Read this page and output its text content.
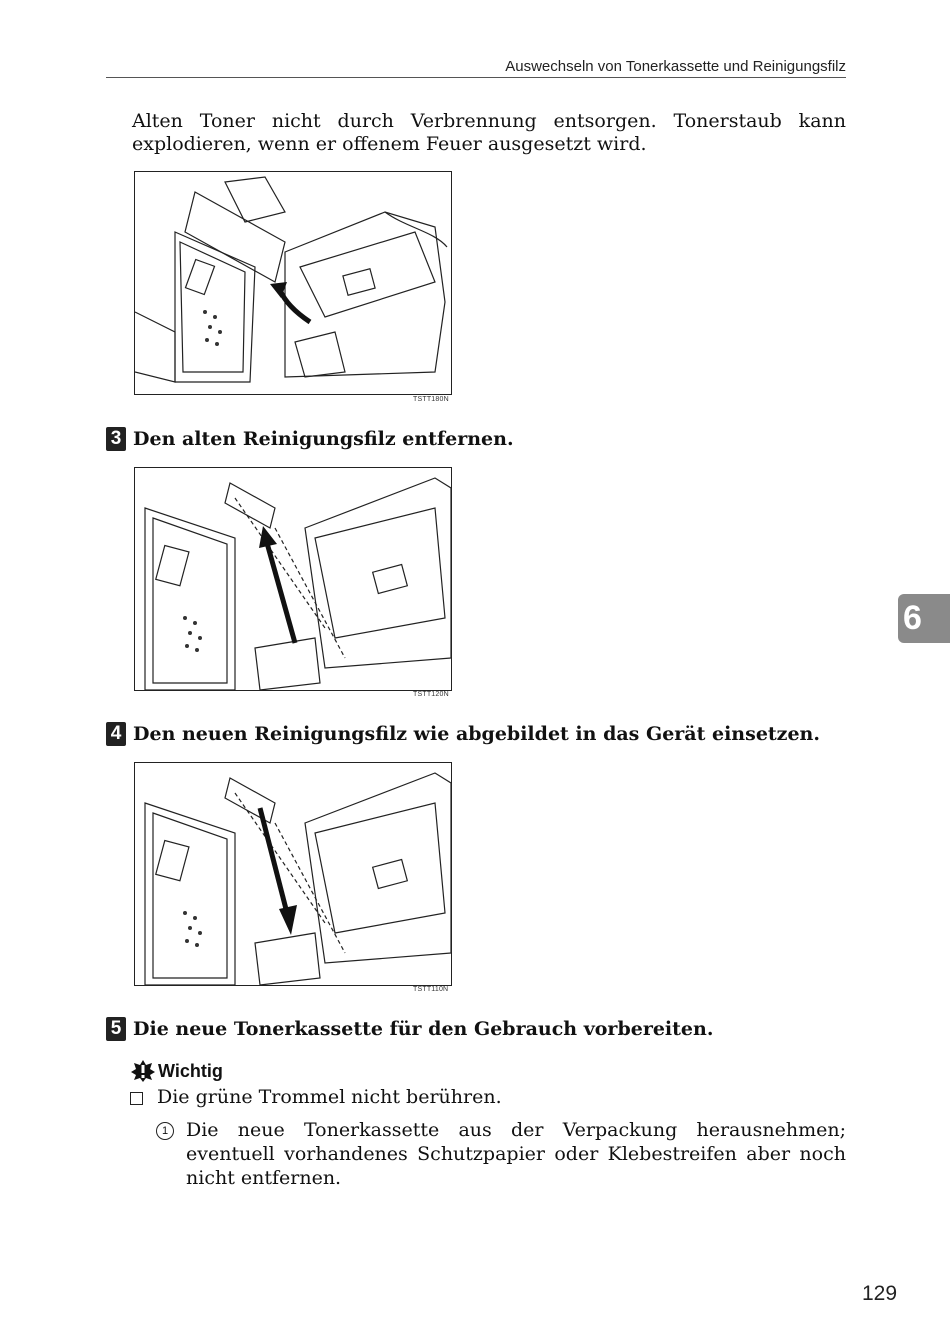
Auswechseln von Tonerkassette und Reinigungsfilz

Alten Toner nicht durch Verbrennung entsorgen. Tonerstaub kann explodieren, wenn er offenem Feuer ausgesetzt wird.

TSTT180N
3 Den alten Reinigungsfilz entfernen.
TSTT120N
4 Den neuen Reinigungsfilz wie abgebildet in das Gerät einsetzen.
TSTT110N
5 Die neue Tonerkassette für den Gebrauch vorbereiten.
Wichtig
Die grüne Trommel nicht berühren.
1 Die neue Tonerkassette aus der Verpackung herausnehmen; eventuell vorhandenes Schutzpapier oder Klebestreifen aber noch nicht entfernen.
6
129
